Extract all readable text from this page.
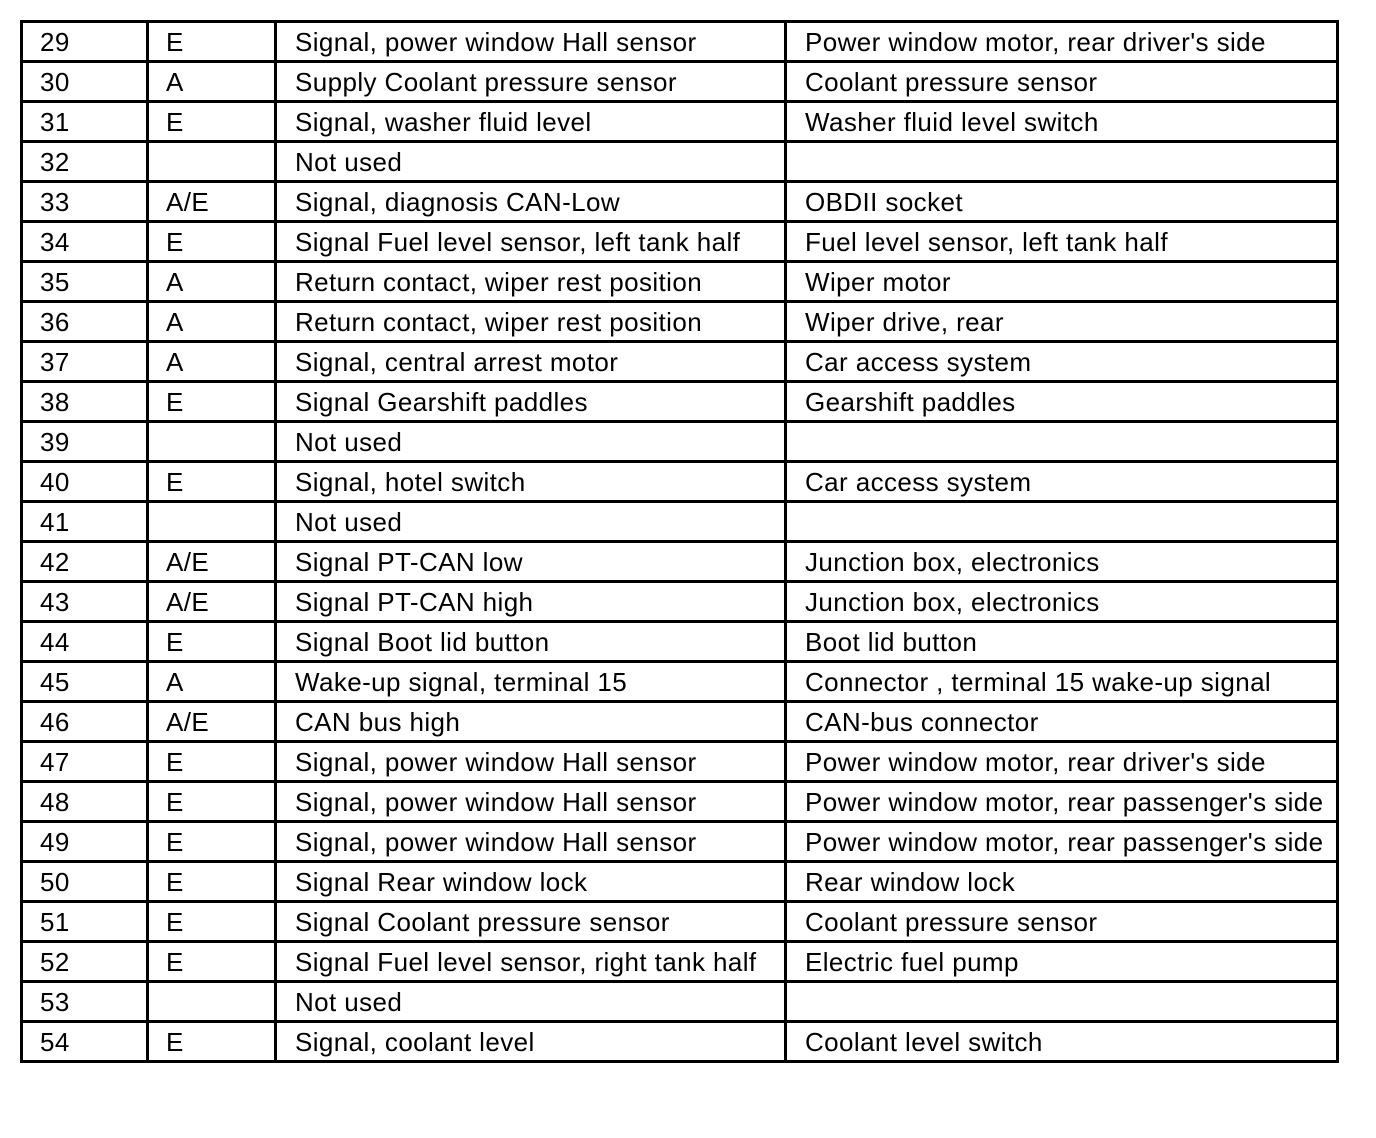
29	E	Signal, power window Hall sensor	Power window motor, rear driver's side
30	A	Supply Coolant pressure sensor	Coolant pressure sensor
31	E	Signal, washer fluid level	Washer fluid level switch
32		Not used	
33	A/E	Signal, diagnosis CAN-Low	OBDII socket
34	E	Signal Fuel level sensor, left tank half	Fuel level sensor, left tank half
35	A	Return contact, wiper rest position	Wiper motor
36	A	Return contact, wiper rest position	Wiper drive, rear
37	A	Signal, central arrest motor	Car access system
38	E	Signal Gearshift paddles	Gearshift paddles
39		Not used	
40	E	Signal, hotel switch	Car access system
41		Not used	
42	A/E	Signal PT-CAN low	Junction box, electronics
43	A/E	Signal PT-CAN high	Junction box, electronics
44	E	Signal Boot lid button	Boot lid button
45	A	Wake-up signal, terminal 15	Connector , terminal 15 wake-up signal
46	A/E	CAN bus high	CAN-bus connector
47	E	Signal, power window Hall sensor	Power window motor, rear driver's side
48	E	Signal, power window Hall sensor	Power window motor, rear passenger's side
49	E	Signal, power window Hall sensor	Power window motor, rear passenger's side
50	E	Signal Rear window lock	Rear window lock
51	E	Signal Coolant pressure sensor	Coolant pressure sensor
52	E	Signal Fuel level sensor, right tank half	Electric fuel pump
53		Not used	
54	E	Signal, coolant level	Coolant level switch
